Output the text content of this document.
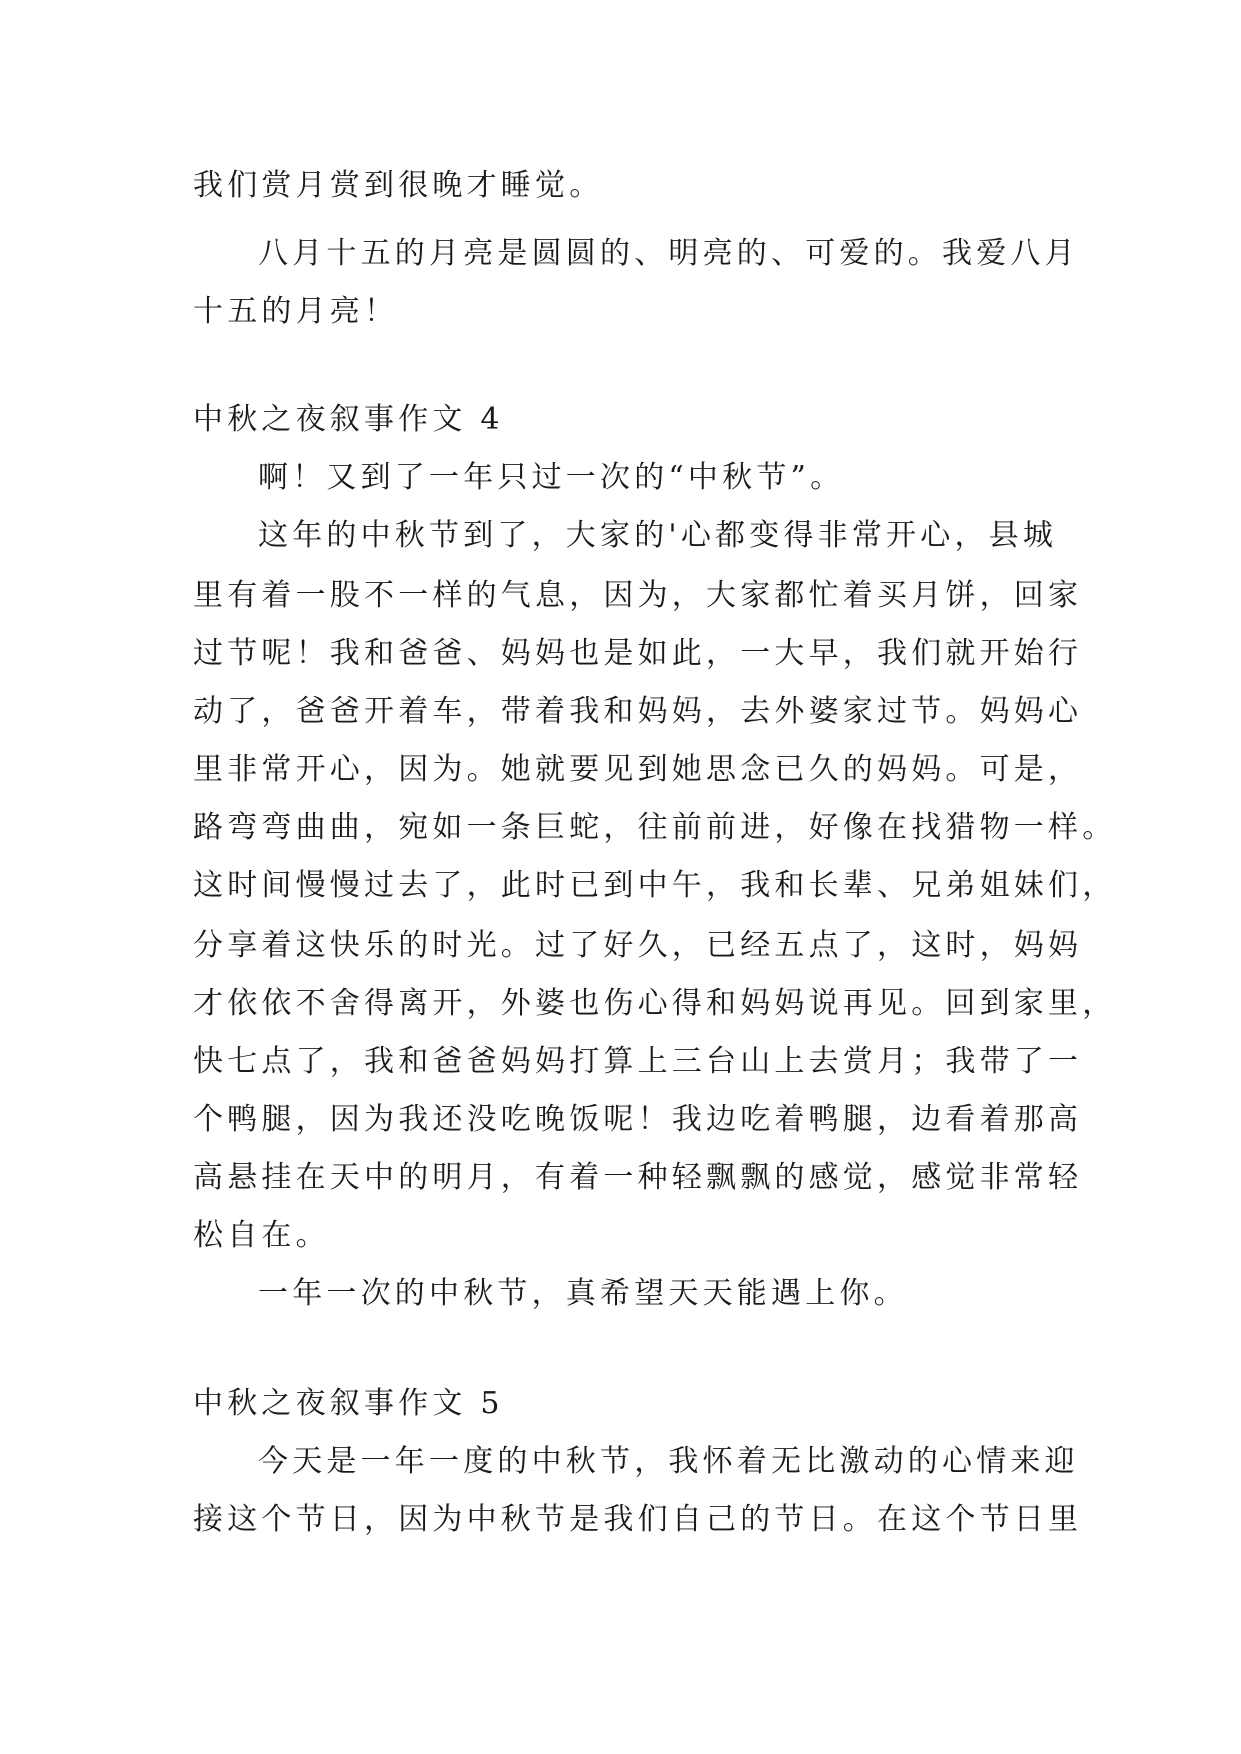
我们赏月赏到很晚才睡觉。
八月十五的月亮是圆圆的、明亮的、可爱的。我爱八月
十五的月亮！
中秋之夜叙事作文 4
啊！又到了一年只过一次的“中秋节”。
这年的中秋节到了，大家的'心都变得非常开心，县城
里有着一股不一样的气息，因为，大家都忙着买月饼，回家
过节呢！我和爸爸、妈妈也是如此，一大早，我们就开始行
动了，爸爸开着车，带着我和妈妈，去外婆家过节。妈妈心
里非常开心，因为。她就要见到她思念已久的妈妈。可是，
路弯弯曲曲，宛如一条巨蛇，往前前进，好像在找猎物一样。
这时间慢慢过去了，此时已到中午，我和长辈、兄弟姐妹们，
分享着这快乐的时光。过了好久，已经五点了，这时，妈妈
才依依不舍得离开，外婆也伤心得和妈妈说再见。回到家里，
快七点了，我和爸爸妈妈打算上三台山上去赏月；我带了一
个鸭腿，因为我还没吃晚饭呢！我边吃着鸭腿，边看着那高
高悬挂在天中的明月，有着一种轻飘飘的感觉，感觉非常轻
松自在。
一年一次的中秋节，真希望天天能遇上你。
中秋之夜叙事作文 5
今天是一年一度的中秋节，我怀着无比激动的心情来迎
接这个节日，因为中秋节是我们自己的节日。在这个节日里
